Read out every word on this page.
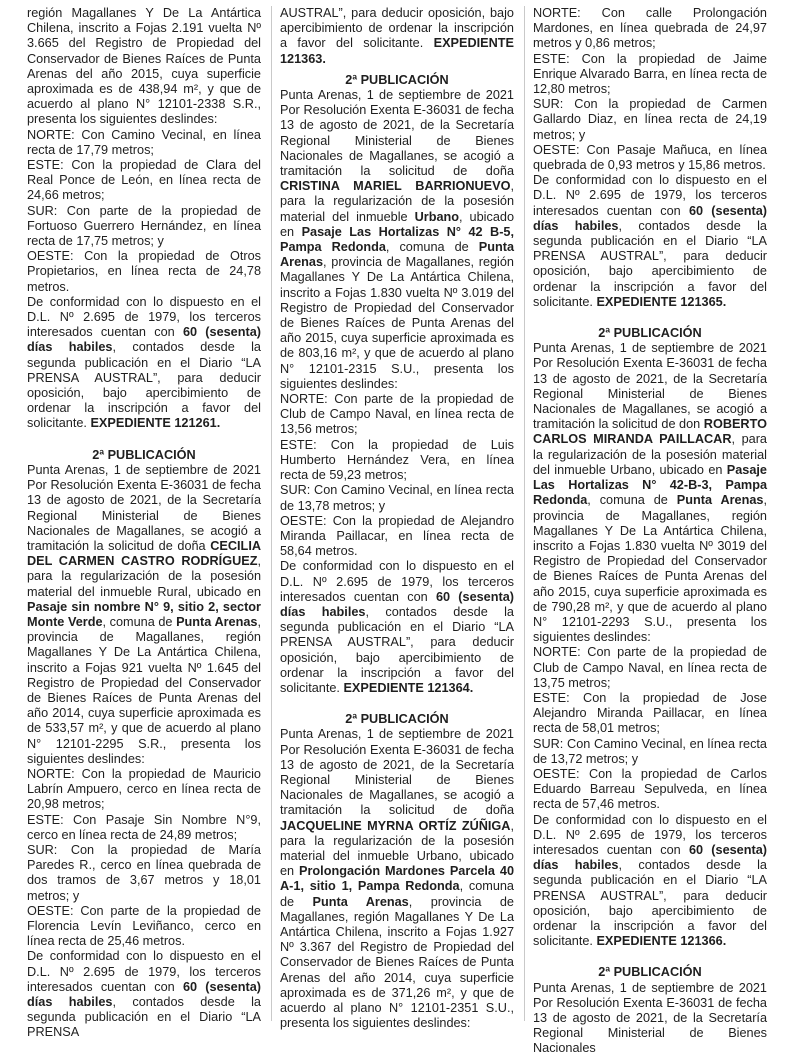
región Magallanes Y De La Antártica Chilena, inscrito a Fojas 2.191 vuelta Nº 3.665 del Registro de Propiedad del Conservador de Bienes Raíces de Punta Arenas del año 2015, cuya superficie aproximada es de 438,94 m², y que de acuerdo al plano N° 12101-2338 S.R., presenta los siguientes deslindes:

NORTE: Con Camino Vecinal, en línea recta de 17,79 metros;

ESTE: Con la propiedad de Clara del Real Ponce de León, en línea recta de 24,66 metros;

SUR: Con parte de la propiedad de Fortuoso Guerrero Hernández, en línea recta de 17,75 metros; y

OESTE: Con la propiedad de Otros Propietarios, en línea recta de 24,78 metros.

De conformidad con lo dispuesto en el D.L. Nº 2.695 de 1979, los terceros interesados cuentan con 60 (sesenta) días habiles, contados desde la segunda publicación en el Diario “LA PRENSA AUSTRAL”, para deducir oposición, bajo apercibimiento de ordenar la inscripción a favor del solicitante. EXPEDIENTE 121261.

2ª PUBLICACIÓN

Punta Arenas, 1 de septiembre de 2021 Por Resolución Exenta E-36031 de fecha 13 de agosto de 2021, de la Secretaría Regional Ministerial de Bienes Nacionales de Magallanes, se acogió a tramitación la solicitud de doña CECILIA DEL CARMEN CASTRO RODRÍGUEZ, para la regularización de la posesión material del inmueble Rural, ubicado en Pasaje sin nombre N° 9, sitio 2, sector Monte Verde, comuna de Punta Arenas, provincia de Magallanes, región Magallanes Y De La Antártica Chilena, inscrito a Fojas 921 vuelta Nº 1.645 del Registro de Propiedad del Conservador de Bienes Raíces de Punta Arenas del año 2014, cuya superficie aproximada es de 533,57 m², y que de acuerdo al plano N° 12101-2295 S.R., presenta los siguientes deslindes:

NORTE: Con la propiedad de Mauricio Labrín Ampuero, cerco en línea recta de 20,98 metros;

ESTE: Con Pasaje Sin Nombre N°9, cerco en línea recta de 24,89 metros;

SUR: Con la propiedad de María Paredes R., cerco en línea quebrada de dos tramos de 3,67 metros y 18,01 metros; y

OESTE: Con parte de la propiedad de Florencia Levín Leviñanco, cerco en línea recta de 25,46 metros.

De conformidad con lo dispuesto en el D.L. Nº 2.695 de 1979, los terceros interesados cuentan con 60 (sesenta) días habiles, contados desde la segunda publicación en el Diario “LA PRENSA

AUSTRAL”, para deducir oposición, bajo apercibimiento de ordenar la inscripción a favor del solicitante. EXPEDIENTE 121363.

2ª PUBLICACIÓN

Punta Arenas, 1 de septiembre de 2021 Por Resolución Exenta E-36031 de fecha 13 de agosto de 2021, de la Secretaría Regional Ministerial de Bienes Nacionales de Magallanes, se acogió a tramitación la solicitud de doña CRISTINA MARIEL BARRIONUEVO, para la regularización de la posesión material del inmueble Urbano, ubicado en Pasaje Las Hortalizas N° 42 B-5, Pampa Redonda, comuna de Punta Arenas, provincia de Magallanes, región Magallanes Y De La Antártica Chilena, inscrito a Fojas 1.830 vuelta Nº 3.019 del Registro de Propiedad del Conservador de Bienes Raíces de Punta Arenas del año 2015, cuya superficie aproximada es de 803,16 m², y que de acuerdo al plano N° 12101-2315 S.U., presenta los siguientes deslindes:

NORTE: Con parte de la propiedad de Club de Campo Naval, en línea recta de 13,56 metros;

ESTE: Con la propiedad de Luis Humberto Hernández Vera, en línea recta de 59,23 metros;

SUR: Con Camino Vecinal, en línea recta de 13,78 metros; y

OESTE: Con la propiedad de Alejandro Miranda Paillacar, en línea recta de 58,64 metros.

De conformidad con lo dispuesto en el D.L. Nº 2.695 de 1979, los terceros interesados cuentan con 60 (sesenta) días habiles, contados desde la segunda publicación en el Diario “LA PRENSA AUSTRAL”, para deducir oposición, bajo apercibimiento de ordenar la inscripción a favor del solicitante. EXPEDIENTE 121364.

2ª PUBLICACIÓN

Punta Arenas, 1 de septiembre de 2021 Por Resolución Exenta E-36031 de fecha 13 de agosto de 2021, de la Secretaría Regional Ministerial de Bienes Nacionales de Magallanes, se acogió a tramitación la solicitud de doña JACQUELINE MYRNA ORTÍZ ZÚÑIGA, para la regularización de la posesión material del inmueble Urbano, ubicado en Prolongación Mardones Parcela 40 A-1, sitio 1, Pampa Redonda, comuna de Punta Arenas, provincia de Magallanes, región Magallanes Y De La Antártica Chilena, inscrito a Fojas 1.927 Nº 3.367 del Registro de Propiedad del Conservador de Bienes Raíces de Punta Arenas del año 2014, cuya superficie aproximada es de 371,26 m², y que de acuerdo al plano N° 12101-2351 S.U., presenta los siguientes deslindes:

NORTE: Con calle Prolongación Mardones, en línea quebrada de 24,97 metros y 0,86 metros;

ESTE: Con la propiedad de Jaime Enrique Alvarado Barra, en línea recta de 12,80 metros;

SUR: Con la propiedad de Carmen Gallardo Diaz, en línea recta de 24,19 metros; y

OESTE: Con Pasaje Mañuca, en línea quebrada de 0,93 metros y 15,86 metros.

De conformidad con lo dispuesto en el D.L. Nº 2.695 de 1979, los terceros interesados cuentan con 60 (sesenta) días habiles, contados desde la segunda publicación en el Diario “LA PRENSA AUSTRAL”, para deducir oposición, bajo apercibimiento de ordenar la inscripción a favor del solicitante. EXPEDIENTE 121365.

2ª PUBLICACIÓN

Punta Arenas, 1 de septiembre de 2021 Por Resolución Exenta E-36031 de fecha 13 de agosto de 2021, de la Secretaría Regional Ministerial de Bienes Nacionales de Magallanes, se acogió a tramitación la solicitud de don ROBERTO CARLOS MIRANDA PAILLACAR, para la regularización de la posesión material del inmueble Urbano, ubicado en Pasaje Las Hortalizas N° 42-B-3, Pampa Redonda, comuna de Punta Arenas, provincia de Magallanes, región Magallanes Y De La Antártica Chilena, inscrito a Fojas 1.830 vuelta Nº 3019 del Registro de Propiedad del Conservador de Bienes Raíces de Punta Arenas del año 2015, cuya superficie aproximada es de 790,28 m², y que de acuerdo al plano N° 12101-2293 S.U., presenta los siguientes deslindes:

NORTE: Con parte de la propiedad de Club de Campo Naval, en línea recta de 13,75 metros;

ESTE: Con la propiedad de Jose Alejandro Miranda Paillacar, en línea recta de 58,01 metros;

SUR: Con Camino Vecinal, en línea recta de 13,72 metros; y

OESTE: Con la propiedad de Carlos Eduardo Barreau Sepulveda, en línea recta de 57,46 metros.

De conformidad con lo dispuesto en el D.L. Nº 2.695 de 1979, los terceros interesados cuentan con 60 (sesenta) días habiles, contados desde la segunda publicación en el Diario “LA PRENSA AUSTRAL”, para deducir oposición, bajo apercibimiento de ordenar la inscripción a favor del solicitante. EXPEDIENTE 121366.

2ª PUBLICACIÓN

Punta Arenas, 1 de septiembre de 2021 Por Resolución Exenta E-36031 de fecha 13 de agosto de 2021, de la Secretaría Regional Ministerial de Bienes Nacionales
